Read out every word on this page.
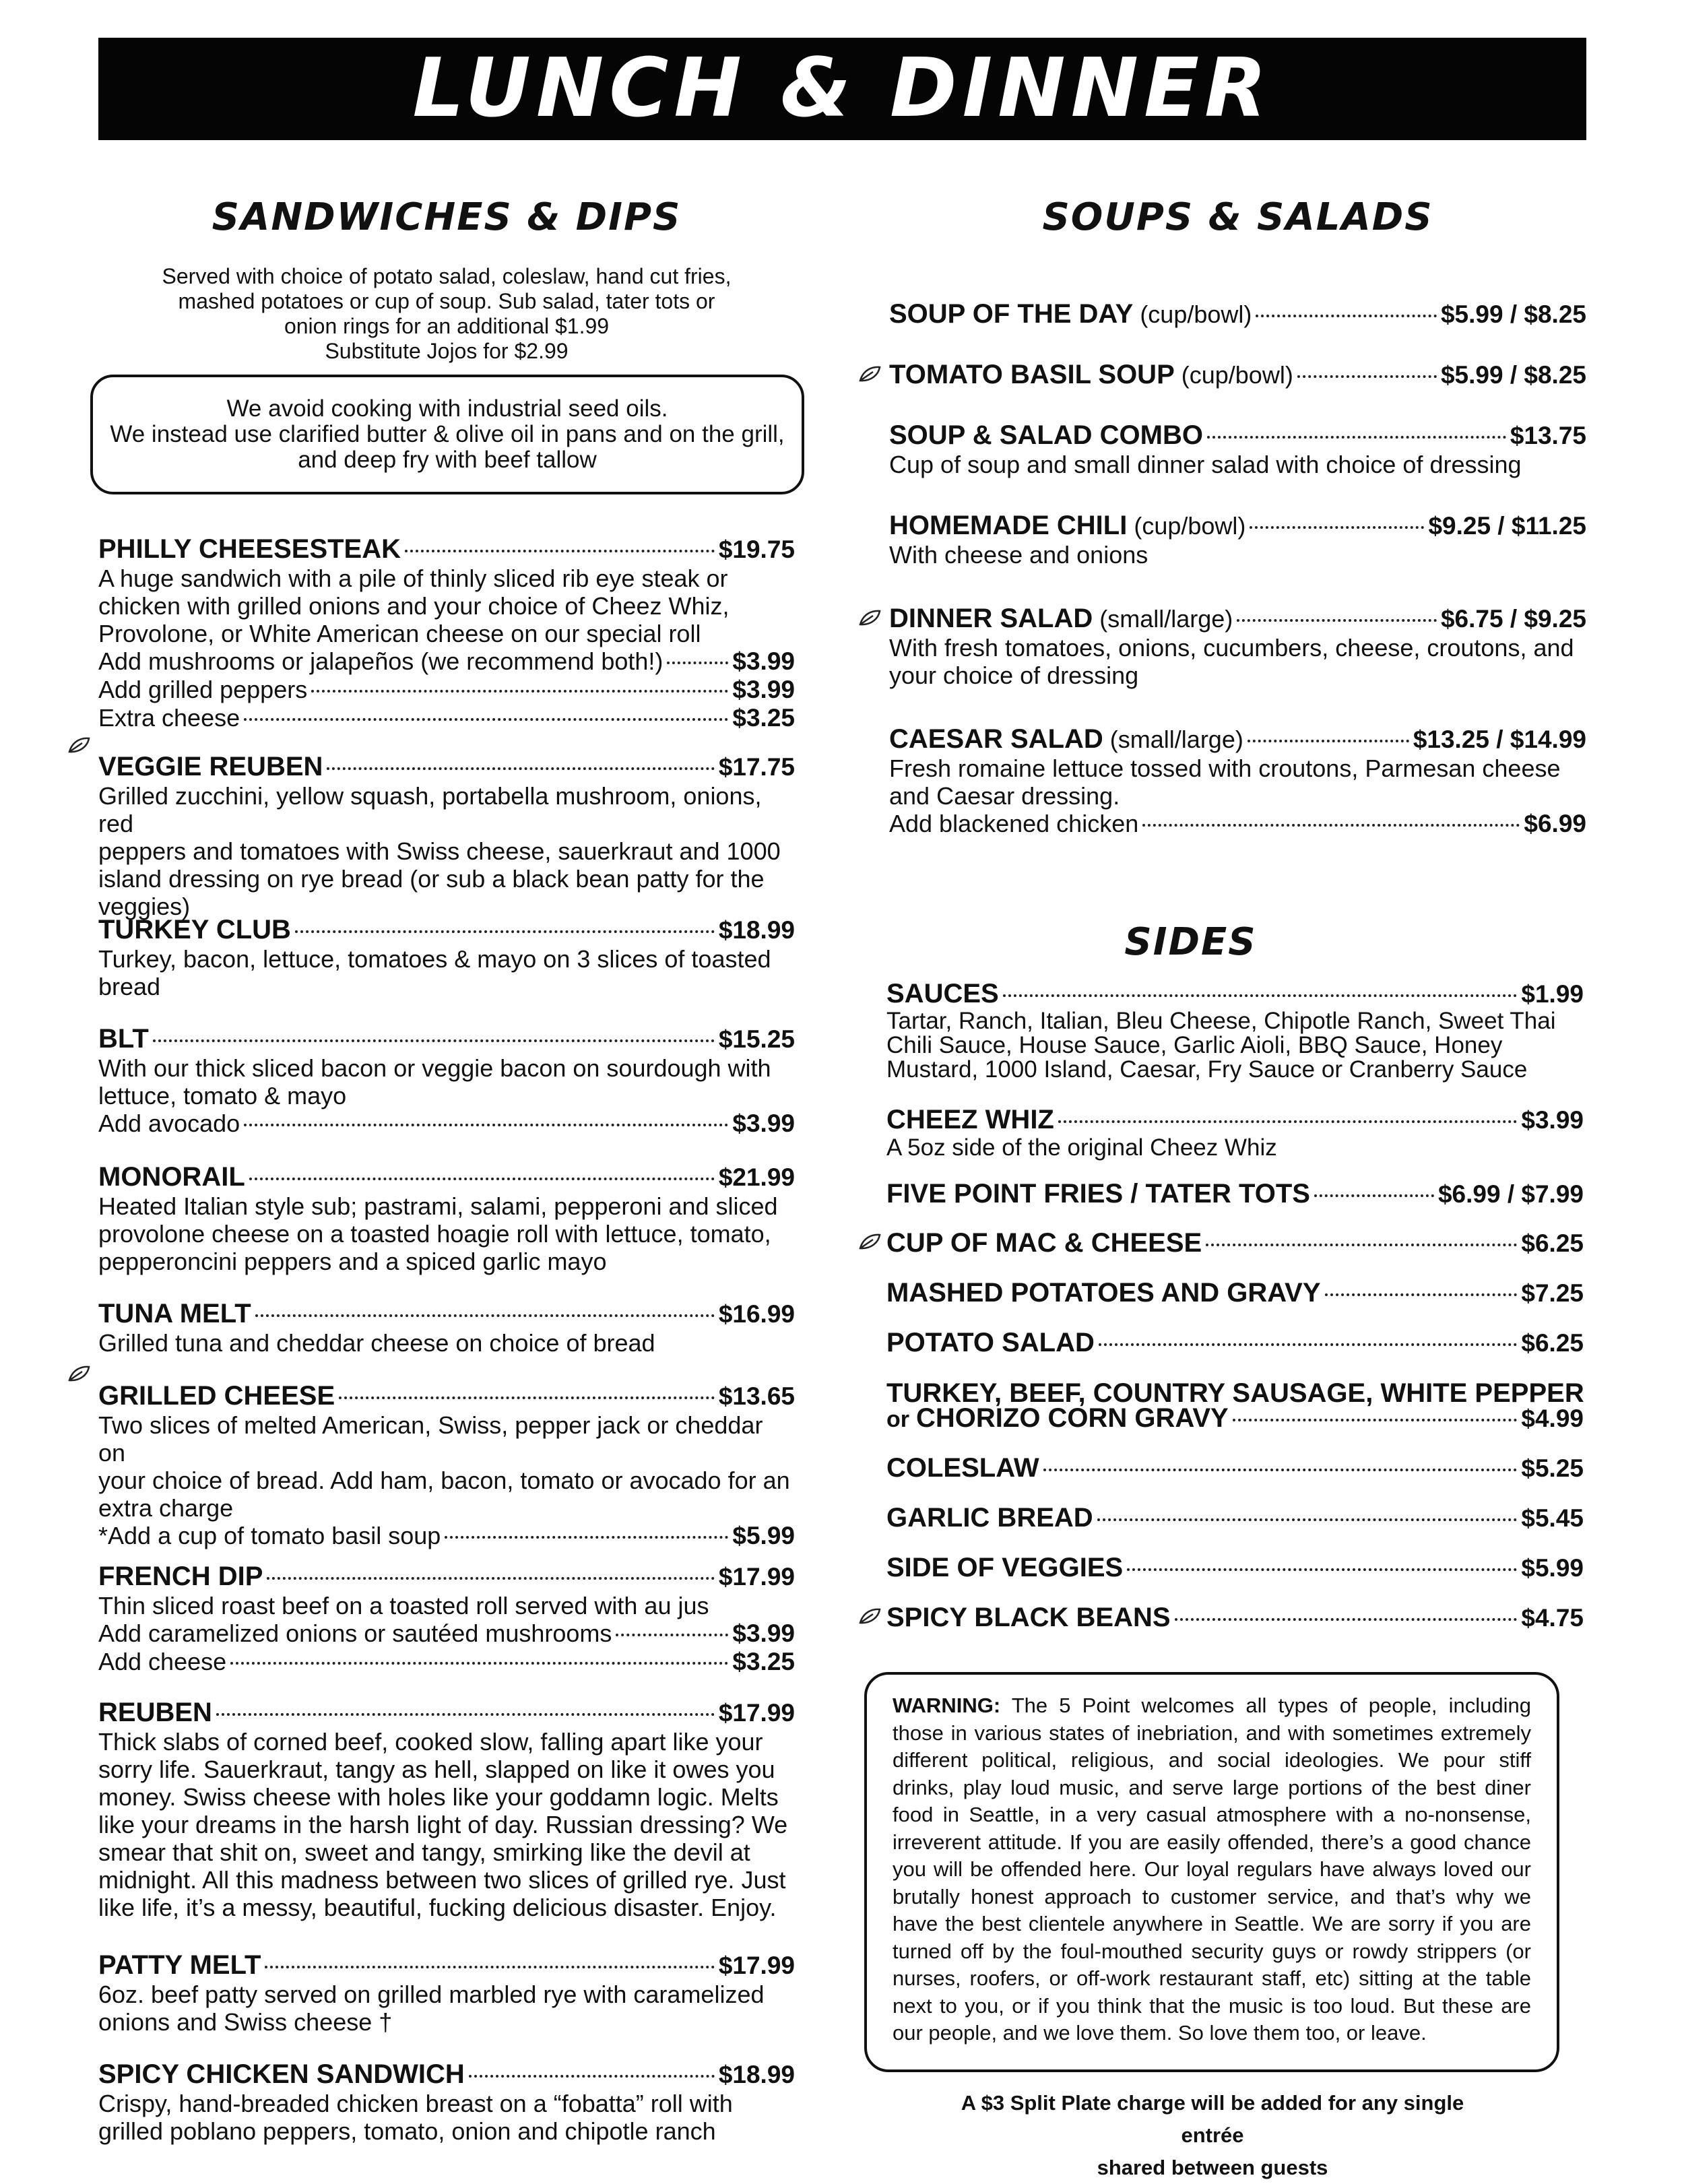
LUNCH & DINNER
SANDWICHES & DIPS
Served with choice of potato salad, coleslaw, hand cut fries,
mashed potatoes or cup of soup. Sub salad, tater tots or
onion rings for an additional $1.99
Substitute Jojos for $2.99
We avoid cooking with industrial seed oils.
We instead use clarified butter & olive oil in pans and on the grill,
and deep fry with beef tallow
PHILLY CHEESESTEAK	$19.75
A huge sandwich with a pile of thinly sliced rib eye steak or
chicken with grilled onions and your choice of Cheez Whiz,
Provolone, or White American cheese on our special roll
Add mushrooms or jalapeños (we recommend both!)	$3.99
Add grilled peppers	$3.99
Extra cheese	$3.25
VEGGIE REUBEN	$17.75
Grilled zucchini, yellow squash, portabella mushroom, onions, red
peppers and tomatoes with Swiss cheese, sauerkraut and 1000
island dressing on rye bread (or sub a black bean patty for the
veggies)
TURKEY CLUB	$18.99
Turkey, bacon, lettuce, tomatoes & mayo on 3 slices of toasted
bread
BLT	$15.25
With our thick sliced bacon or veggie bacon on sourdough with
lettuce, tomato & mayo
Add avocado	$3.99
MONORAIL	$21.99
Heated Italian style sub; pastrami, salami, pepperoni and sliced
provolone cheese on a toasted hoagie roll with lettuce, tomato,
pepperoncini peppers and a spiced garlic mayo
TUNA MELT	$16.99
Grilled tuna and cheddar cheese on choice of bread
GRILLED CHEESE	$13.65
Two slices of melted American, Swiss, pepper jack or cheddar on
your choice of bread. Add ham, bacon, tomato or avocado for an
extra charge
*Add a cup of tomato basil soup	$5.99
FRENCH DIP	$17.99
Thin sliced roast beef on a toasted roll served with au jus
Add caramelized onions or sautéed mushrooms	$3.99
Add cheese	$3.25
REUBEN	$17.99
Thick slabs of corned beef, cooked slow, falling apart like your
sorry life. Sauerkraut, tangy as hell, slapped on like it owes you
money. Swiss cheese with holes like your goddamn logic. Melts
like your dreams in the harsh light of day. Russian dressing? We
smear that shit on, sweet and tangy, smirking like the devil at
midnight. All this madness between two slices of grilled rye. Just
like life, it’s a messy, beautiful, fucking delicious disaster. Enjoy.
PATTY MELT	$17.99
6oz. beef patty served on grilled marbled rye with caramelized
onions and Swiss cheese †
SPICY CHICKEN SANDWICH	$18.99
Crispy, hand-breaded chicken breast on a “fobatta” roll with
grilled poblano peppers, tomato, onion and chipotle ranch
SOUPS & SALADS
SOUP OF THE DAY (cup/bowl)	$5.99 / $8.25
TOMATO BASIL SOUP (cup/bowl)	$5.99 / $8.25
SOUP & SALAD COMBO	$13.75
Cup of soup and small dinner salad with choice of dressing
HOMEMADE CHILI (cup/bowl)	$9.25 / $11.25
With cheese and onions
DINNER SALAD (small/large)	$6.75 / $9.25
With fresh tomatoes, onions, cucumbers, cheese, croutons, and
your choice of dressing
CAESAR SALAD (small/large)	$13.25 / $14.99
Fresh romaine lettuce tossed with croutons, Parmesan cheese
and Caesar dressing.
Add blackened chicken	$6.99
SIDES
SAUCES	$1.99
Tartar, Ranch, Italian, Bleu Cheese, Chipotle Ranch, Sweet Thai
Chili Sauce, House Sauce, Garlic Aioli, BBQ Sauce, Honey
Mustard, 1000 Island, Caesar, Fry Sauce or Cranberry Sauce
CHEEZ WHIZ	$3.99
A 5oz side of the original Cheez Whiz
FIVE POINT FRIES / TATER TOTS	$6.99 / $7.99
CUP OF MAC & CHEESE	$6.25
MASHED POTATOES AND GRAVY	$7.25
POTATO SALAD	$6.25
TURKEY, BEEF, COUNTRY SAUSAGE, WHITE PEPPER
or CHORIZO CORN GRAVY	$4.99
COLESLAW	$5.25
GARLIC BREAD	$5.45
SIDE OF VEGGIES	$5.99
SPICY BLACK BEANS	$4.75
WARNING: The 5 Point welcomes all types of people, including those in various states of inebriation, and with sometimes extremely different political, religious, and social ideologies. We pour stiff drinks, play loud music, and serve large portions of the best diner food in Seattle, in a very casual atmosphere with a no-nonsense, irreverent attitude. If you are easily offended, there’s a good chance you will be offended here. Our loyal regulars have always loved our brutally honest approach to customer service, and that’s why we have the best clientele anywhere in Seattle. We are sorry if you are turned off by the foul-mouthed security guys or rowdy strippers (or nurses, roofers, or off-work restaurant staff, etc) sitting at the table next to you, or if you think that the music is too loud. But these are our people, and we love them. So love them too, or leave.
A $3 Split Plate charge will be added for any single entrée
shared between guests
